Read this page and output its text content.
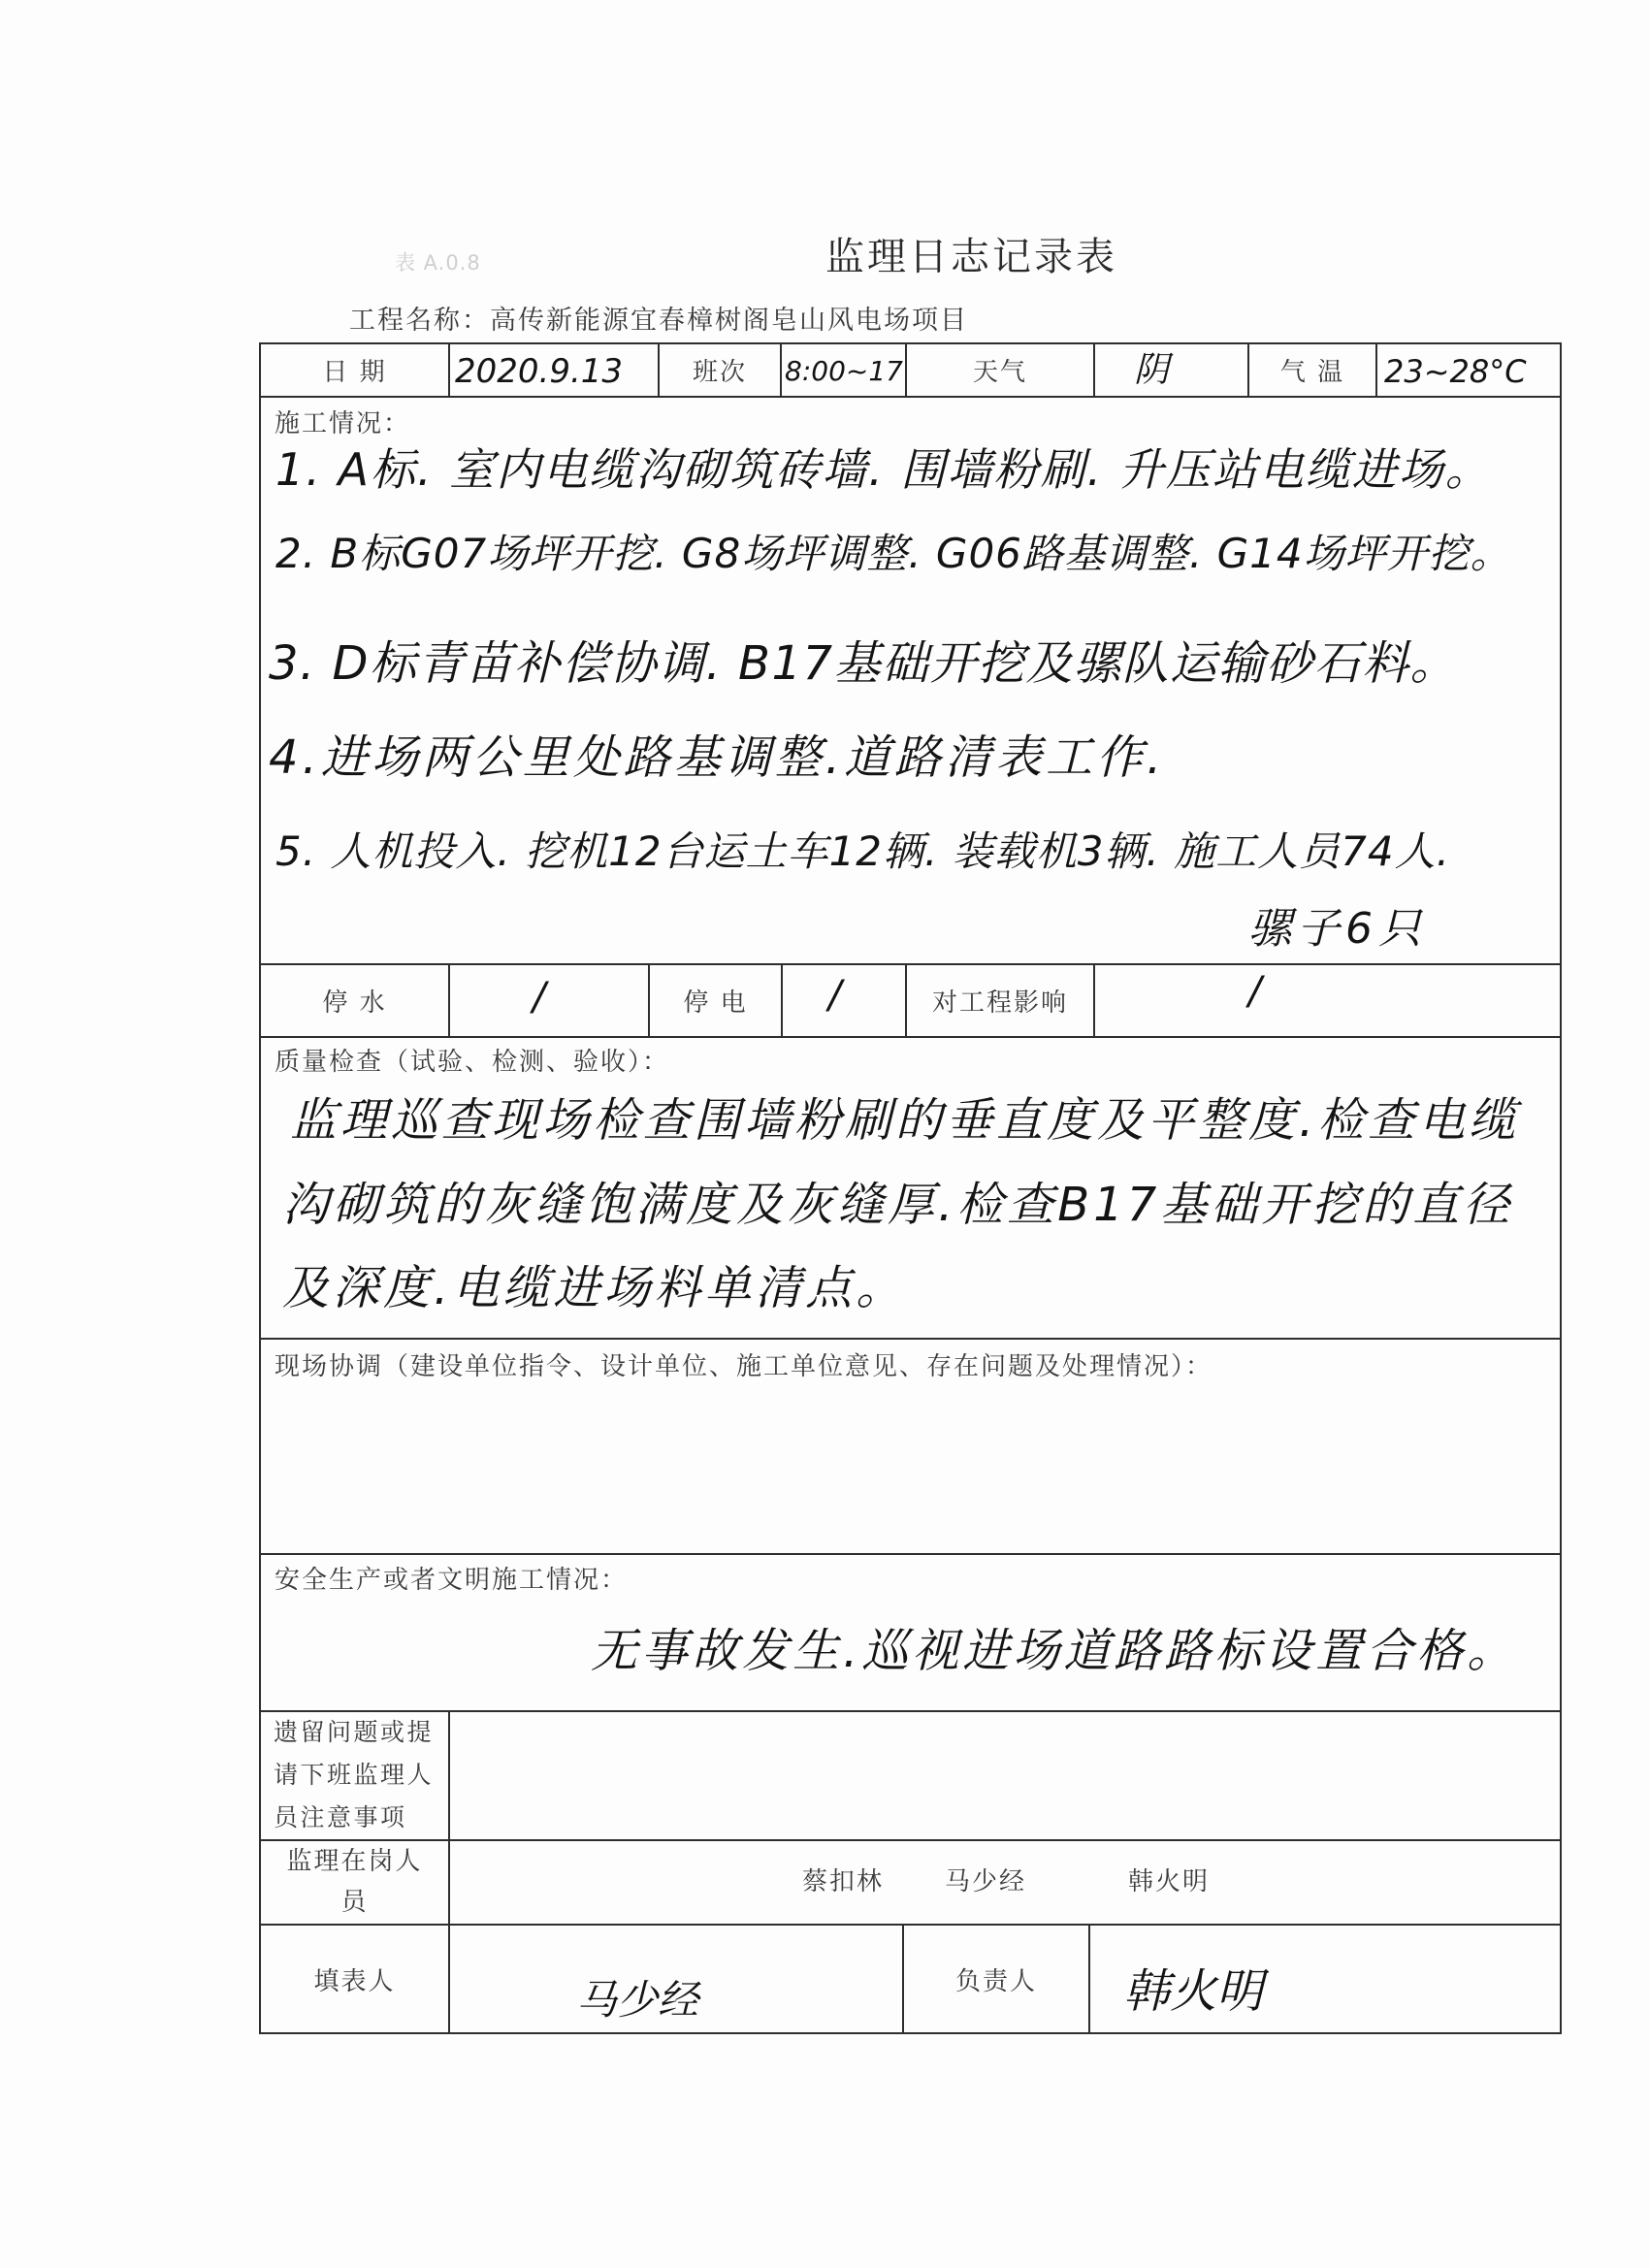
表 A.0.8	监理日志记录表
工程名称：高传新能源宜春樟树阁皂山风电场项目
日 期	2020.9.13	班次	8:00~17	天气	阴	气 温	23~28°C
施工情况：
1. A标. 室内电缆沟砌筑砖墙. 围墙粉刷. 升压站电缆进场。
2. B标G07场坪开挖. G8场坪调整. G06路基调整. G14场坪开挖。
3. D标青苗补偿协调. B17基础开挖及骡队运输砂石料。
4.进场两公里处路基调整.道路清表工作.
5. 人机投入. 挖机12台运土车12辆. 装载机3辆. 施工人员74人.
骡子6只
停 水	/	停 电	/	对工程影响	/
质量检查（试验、检测、验收）：
监理巡查现场检查围墙粉刷的垂直度及平整度.检查电缆
沟砌筑的灰缝饱满度及灰缝厚.检查B17基础开挖的直径
及深度.电缆进场料单清点。
现场协调（建设单位指令、设计单位、施工单位意见、存在问题及处理情况）：
安全生产或者文明施工情况：
无事故发生.巡视进场道路路标设置合格。
遗留问题或提
请下班监理人
员注意事项
监理在岗人
员
蔡扣林 马少经	韩火明
填表人	马少经	负责人	韩火明
